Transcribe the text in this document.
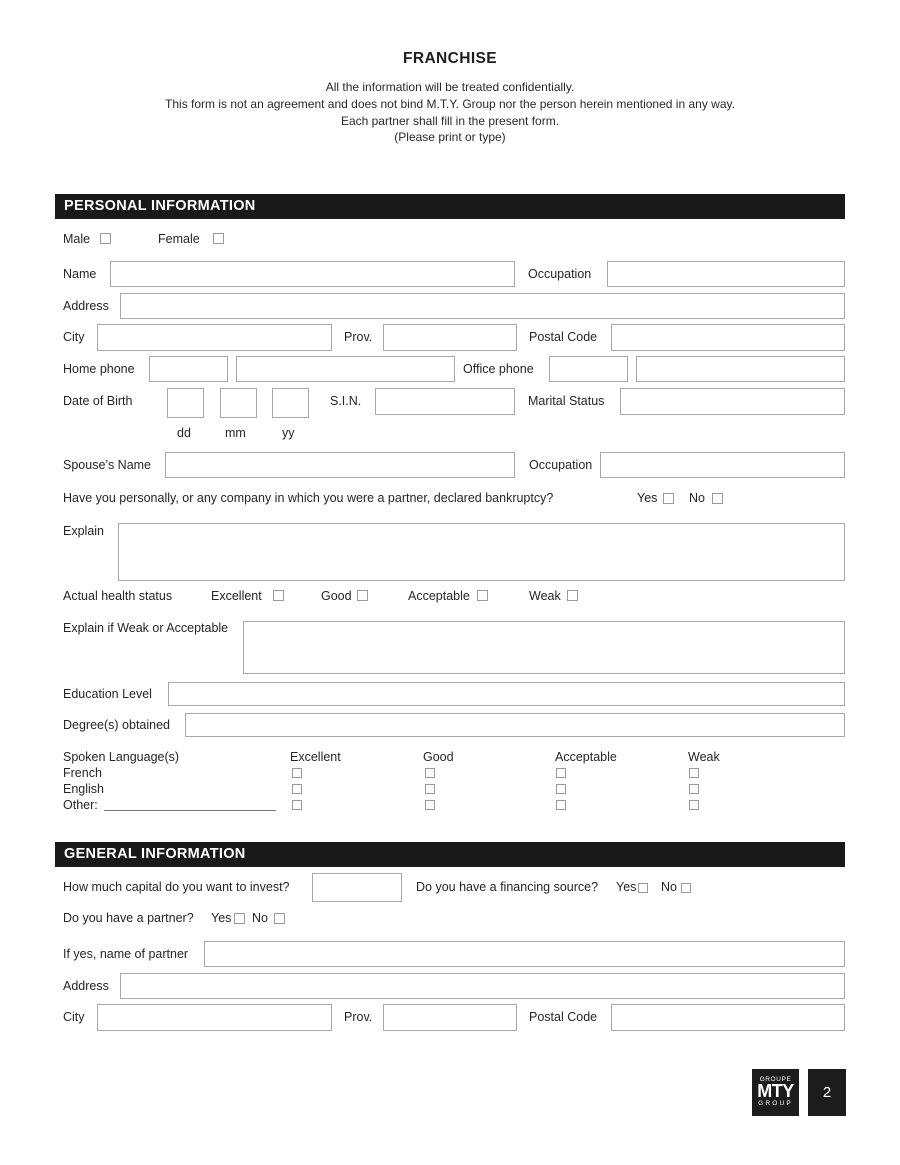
FRANCHISE
All the information will be treated confidentially.
This form is not an agreement and does not bind M.T.Y. Group nor the person herein mentioned in any way.
Each partner shall fill in the present form.
(Please print or type)
PERSONAL INFORMATION
Male	Female
Name	Occupation
Address
City	Prov.	Postal Code
Home phone	Office phone
Date of Birth	S.I.N.	Marital Status
dd	mm	yy
Spouse’s Name	Occupation
Have you personally, or any company in which you were a partner, declared bankruptcy?	Yes	No
Explain
Actual health status	Excellent	Good	Acceptable	Weak
Explain if Weak or Acceptable
Education Level
Degree(s) obtained
Spoken Language(s)	Excellent	Good	Acceptable	Weak
French
English
Other:
GENERAL INFORMATION
How much capital do you want to invest?	Do you have a financing source? Yes No
Do you have a partner? Yes No
If yes, name of partner
Address
City	Prov.	Postal Code
GROUPE
MTY
GROUP
2
